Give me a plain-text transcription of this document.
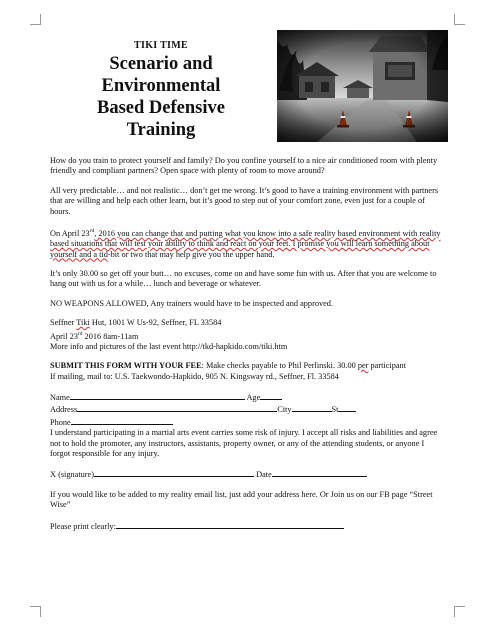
TIKI TIME
Scenario and
Environmental
Based Defensive
Training

How do you train to protect yourself and family? Do you confine yourself to a nice air conditioned room with plenty friendly and compliant partners? Open space with plenty of room to move around?

All very predictable… and not realistic… don’t get me wrong. It’s good to have a training environment with partners that are willing and help each other learn, but it’s good to step out of your comfort zone, even just for a couple of hours.

On April 23rd, 2016 you can change that and putting what you know into a safe reality based environment with reality based situations that will test your ability to think and react on your feet. I promise you will learn something about yourself and a tid-bit or two that may help give you the upper hand.

It’s only 30.00 so get off your butt… no excuses, come on and have some fun with us. After that you are welcome to hang out with us for a while… lunch and beverage or whatever.

NO WEAPONS ALLOWED, Any trainers would have to be inspected and approved.

Seffner Tiki Hut, 1001 W Us-92, Seffner, FL 33584
April 23rd 2016 8am-11am
More info and pictures of the last event http://tkd-hapkido.com/tiki.htm
SUBMIT THIS FORM WITH YOUR FEE: Make checks payable to Phil Perlinski. 30.00 per participant
If mailing, mail to: U.S. Taekwondo-Hapkido, 905 N. Kingsway rd., Seffner, Fl. 33584
Name	Age
Address	City	St
Phone

I understand participating in a martial arts event carries some risk of injury. I accept all risks and liabilities and agree not to hold the promoter, any instructors, assistants, property owner, or any of the attending students, or anyone I forgot responsible for any injury.

X (signature)	Date

If you would like to be added to my reality email list, just add your address here. Or Join us on our FB page “Street Wise”

Please print clearly:
